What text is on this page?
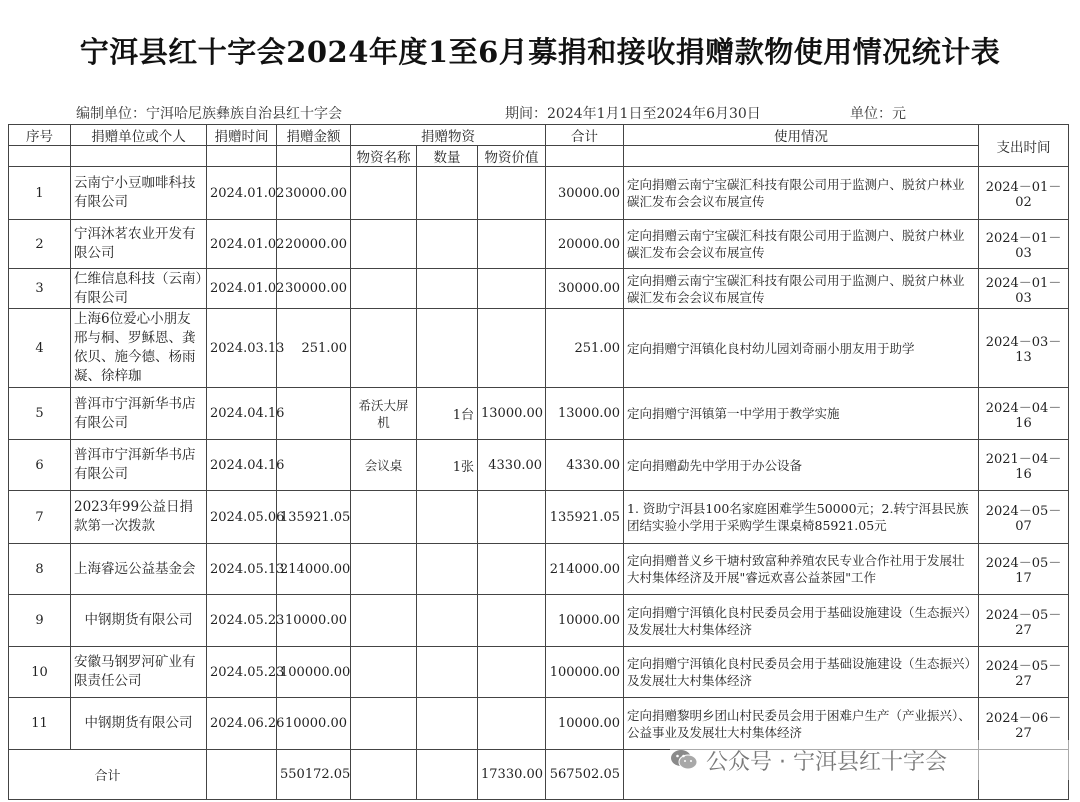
宁洱县红十字会2024年度1至6月募捐和接收捐赠款物使用情况统计表
编制单位：宁洱哈尼族彝族自治县红十字会	期间：2024年1月1日至2024年6月30日	单位：元
序号	捐赠单位或个人	捐赠时间	捐赠金额	捐赠物资			合计	使用情况	支出时间
				物资名称	数量	物资价值			
1	云南宁小豆咖啡科技有限公司	2024.01.02	30000.00				30000.00	定向捐赠云南宁宝碳汇科技有限公司用于监测户、脱贫户林业碳汇发布会会议布展宣传	2024－01－02
2	宁洱沐茗农业开发有限公司	2024.01.02	20000.00				20000.00	定向捐赠云南宁宝碳汇科技有限公司用于监测户、脱贫户林业碳汇发布会会议布展宣传	2024－01－03
3	仁维信息科技（云南）有限公司	2024.01.02	30000.00				30000.00	定向捐赠云南宁宝碳汇科技有限公司用于监测户、脱贫户林业碳汇发布会会议布展宣传	2024－01－03
4	上海6位爱心小朋友邢与桐、罗稣恩、龚依贝、施今德、杨雨凝、徐梓珈	2024.03.13	251.00				251.00	定向捐赠宁洱镇化良村幼儿园刘奇丽小朋友用于助学	2024－03－13
5	普洱市宁洱新华书店有限公司	2024.04.16		希沃大屏机	1台	13000.00	13000.00	定向捐赠宁洱镇第一中学用于教学实施	2024－04－16
6	普洱市宁洱新华书店有限公司	2024.04.16		会议桌	1张	4330.00	4330.00	定向捐赠勐先中学用于办公设备	2021－04－16
7	2023年99公益日捐款第一次拨款	2024.05.06	135921.05				135921.05	1. 资助宁洱县100名家庭困难学生50000元；2.转宁洱县民族团结实验小学用于采购学生课桌椅85921.05元	2024－05－07
8	上海睿远公益基金会	2024.05.13	214000.00				214000.00	定向捐赠普义乡干塘村致富种养殖农民专业合作社用于发展壮大村集体经济及开展"睿远欢喜公益茶园"工作	2024－05－17
9	中钢期货有限公司	2024.05.23	10000.00				10000.00	定向捐赠宁洱镇化良村民委员会用于基础设施建设（生态振兴）及发展壮大村集体经济	2024－05－27
10	安徽马钢罗河矿业有限责任公司	2024.05.23	100000.00				100000.00	定向捐赠宁洱镇化良村民委员会用于基础设施建设（生态振兴）及发展壮大村集体经济	2024－05－27
11	中钢期货有限公司	2024.06.26	10000.00				10000.00	定向捐赠黎明乡团山村民委员会用于困难户生产（产业振兴）、公益事业及发展壮大村集体经济	2024－06－27
合计			550172.05			17330.00	567502.05			公众号 · 宁洱县红十字会
